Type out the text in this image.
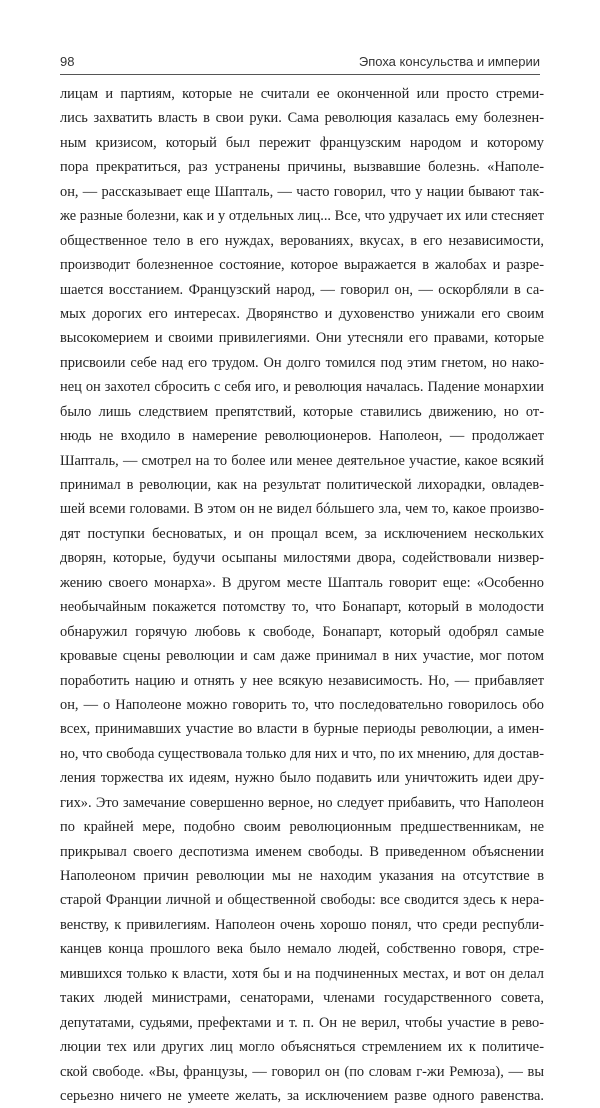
98	Эпоха консульства и империи
лицам и партиям, которые не считали ее оконченной или просто стреми-
лись захватить власть в свои руки. Сама революция казалась ему болезнен-
ным кризисом, который был пережит французским народом и которому
пора прекратиться, раз устранены причины, вызвавшие болезнь. «Наполе-
он, — рассказывает еще Шапталь, — часто говорил, что у нации бывают так-
же разные болезни, как и у отдельных лиц... Все, что удручает их или стесняет
общественное тело в его нуждах, верованиях, вкусах, в его независимости,
производит болезненное состояние, которое выражается в жалобах и разре-
шается восстанием. Французский народ, — говорил он, — оскорбляли в са-
мых дорогих его интересах. Дворянство и духовенство унижали его своим
высокомерием и своими привилегиями. Они утесняли его правами, которые
присвоили себе над его трудом. Он долго томился под этим гнетом, но нако-
нец он захотел сбросить с себя иго, и революция началась. Падение монархии
было лишь следствием препятствий, которые ставились движению, но от-
нюдь не входило в намерение революционеров. Наполеон, — продолжает
Шапталь, — смотрел на то более или менее деятельное участие, какое всякий
принимал в революции, как на результат политической лихорадки, овладев-
шей всеми головами. В этом он не видел бóльшего зла, чем то, какое произво-
дят поступки бесноватых, и он прощал всем, за исключением нескольких
дворян, которые, будучи осыпаны милостями двора, содействовали низвер-
жению своего монарха». В другом месте Шапталь говорит еще: «Особенно
необычайным покажется потомству то, что Бонапарт, который в молодости
обнаружил горячую любовь к свободе, Бонапарт, который одобрял самые
кровавые сцены революции и сам даже принимал в них участие, мог потом
поработить нацию и отнять у нее всякую независимость. Но, — прибавляет
он, — о Наполеоне можно говорить то, что последовательно говорилось обо
всех, принимавших участие во власти в бурные периоды революции, а имен-
но, что свобода существовала только для них и что, по их мнению, для достав-
ления торжества их идеям, нужно было подавить или уничтожить идеи дру-
гих». Это замечание совершенно верное, но следует прибавить, что Наполеон
по крайней мере, подобно своим революционным предшественникам, не
прикрывал своего деспотизма именем свободы. В приведенном объяснении
Наполеоном причин революции мы не находим указания на отсутствие в
старой Франции личной и общественной свободы: все сводится здесь к нера-
венству, к привилегиям. Наполеон очень хорошо понял, что среди республи-
канцев конца прошлого века было немало людей, собственно говоря, стре-
мившихся только к власти, хотя бы и на подчиненных местах, и вот он делал
таких людей министрами, сенаторами, членами государственного совета,
депутатами, судьями, префектами и т. п. Он не верил, чтобы участие в рево-
люции тех или других лиц могло объясняться стремлением их к политиче-
ской свободе. «Вы, французы, — говорил он (по словам г-жи Ремюза), — вы
серьезно ничего не умеете желать, за исключением разве одного равенства.
